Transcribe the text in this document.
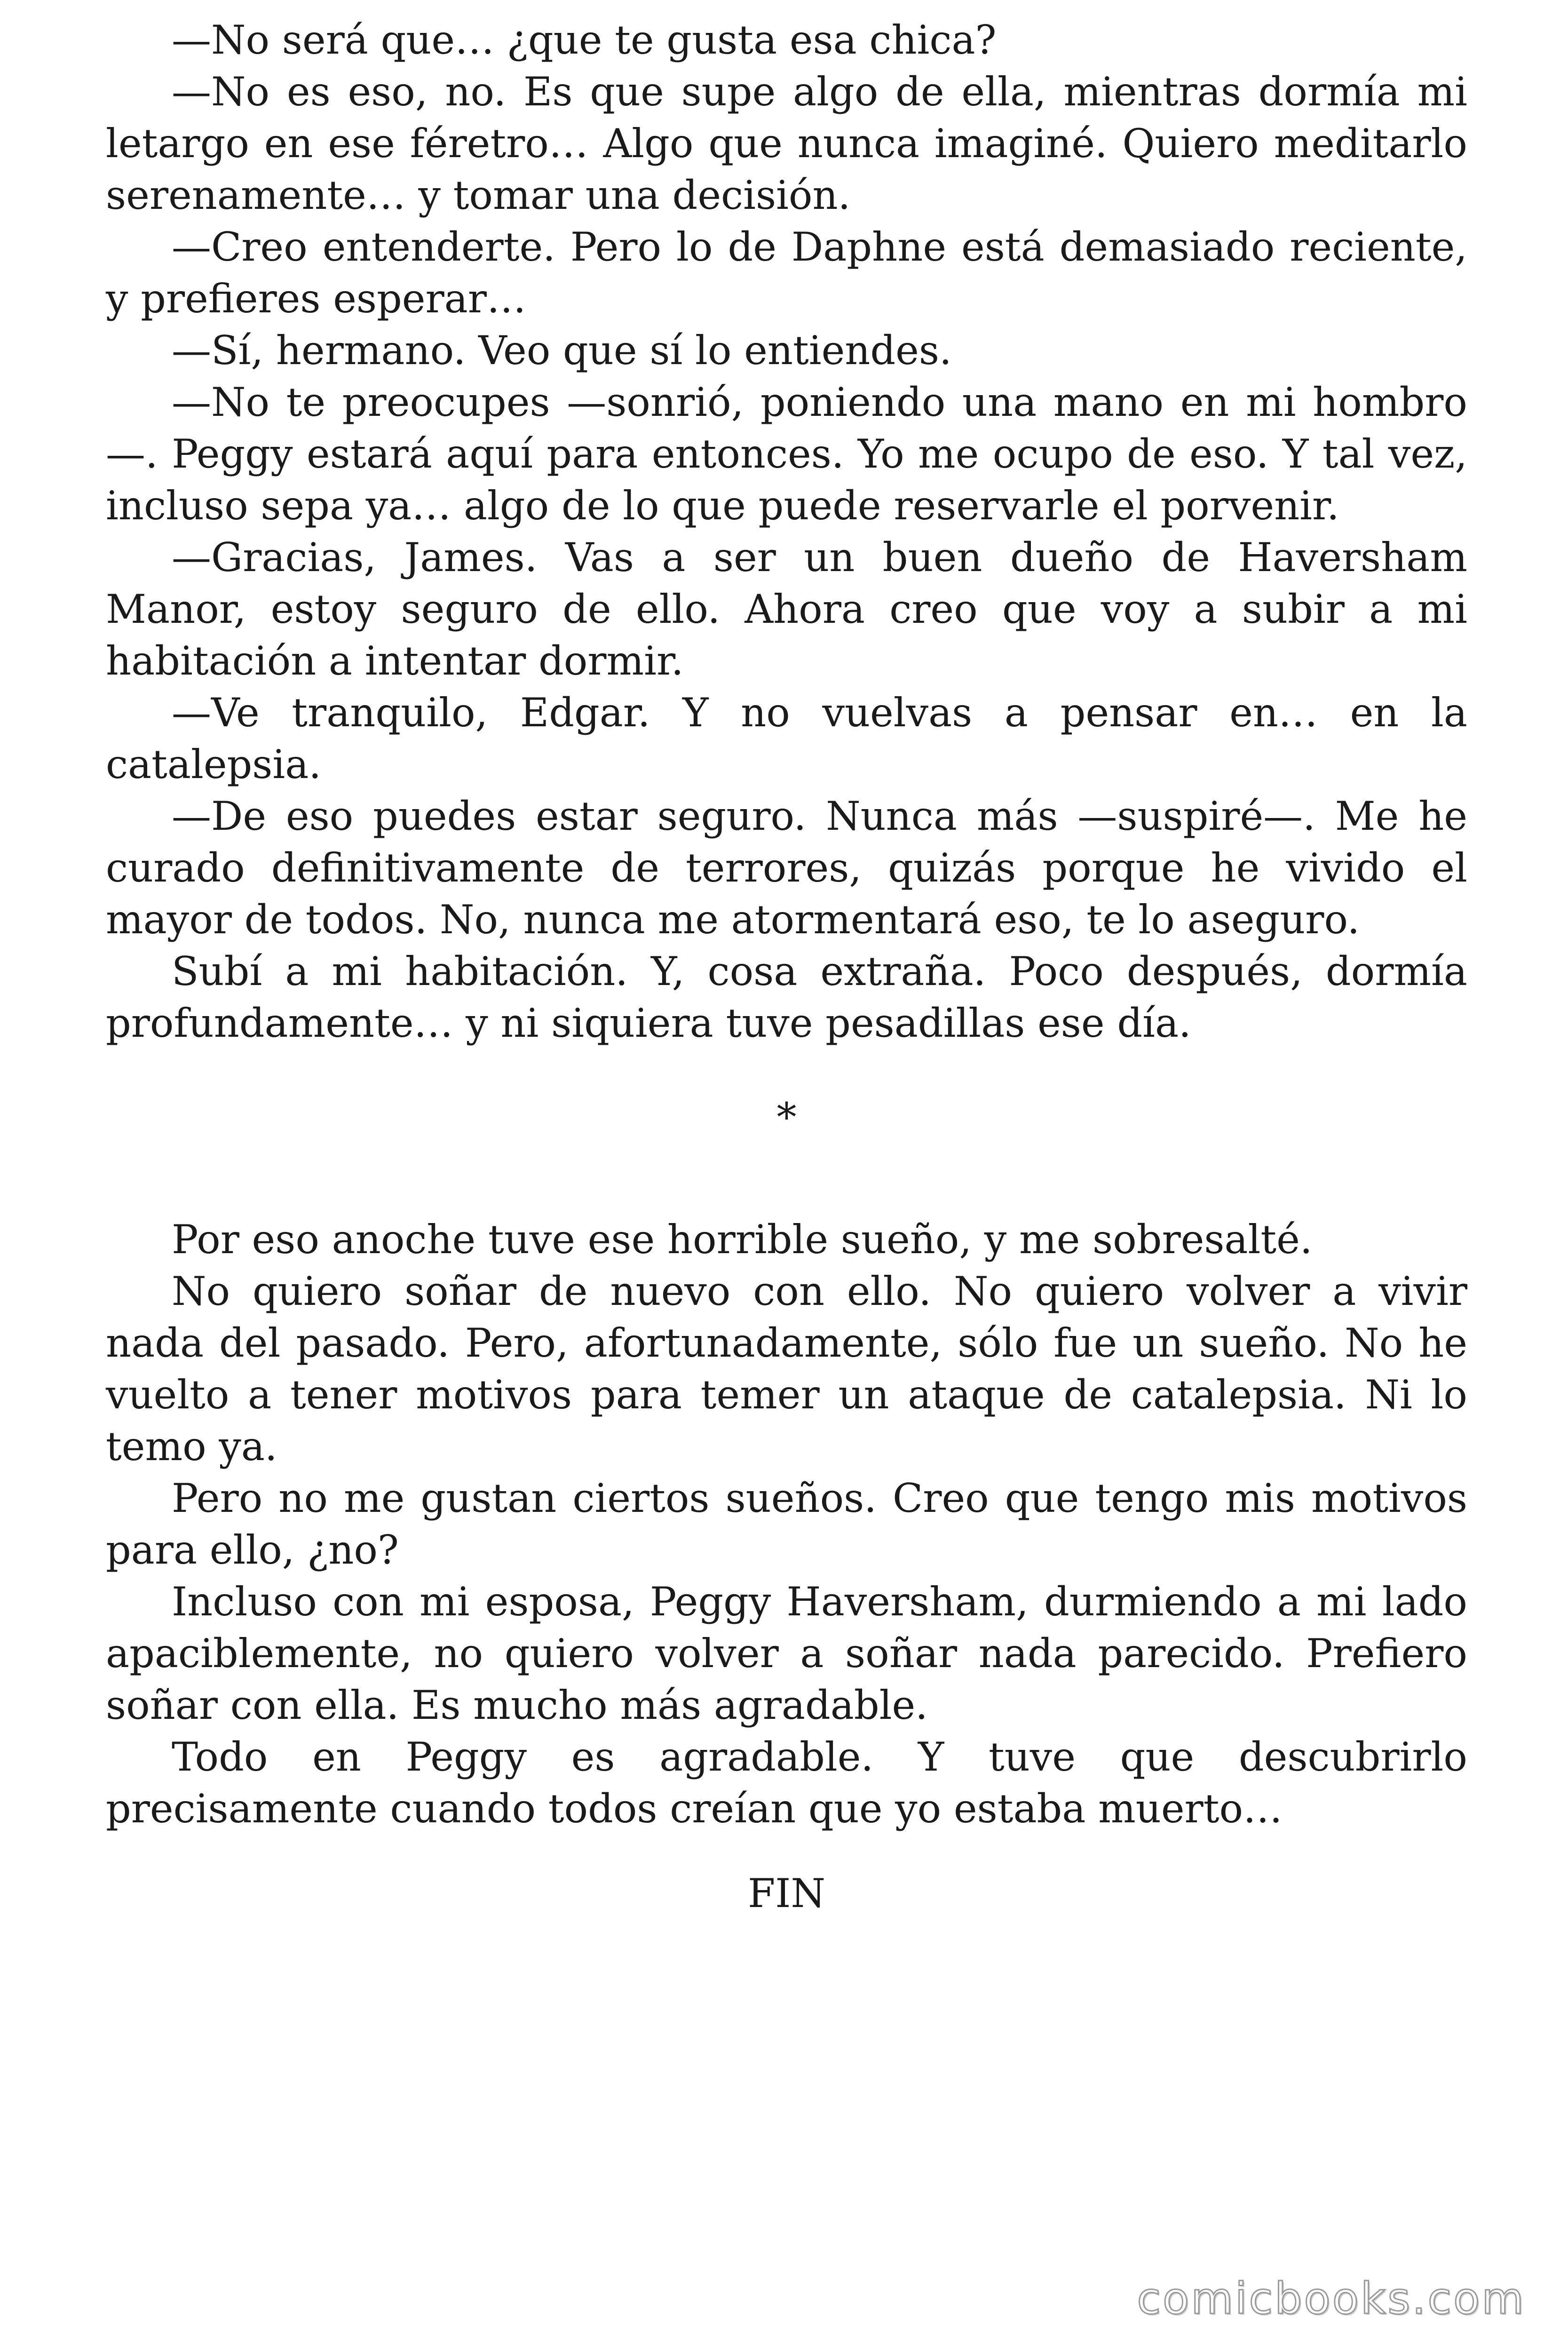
—No será que… ¿que te gusta esa chica?

—No es eso, no. Es que supe algo de ella, mientras dormía mi letargo en ese féretro… Algo que nunca imaginé. Quiero meditarlo serenamente… y tomar una decisión.

—Creo entenderte. Pero lo de Daphne está demasiado reciente, y prefieres esperar…

—Sí, hermano. Veo que sí lo entiendes.

—No te preocupes —sonrió, poniendo una mano en mi hombro—. Peggy estará aquí para entonces. Yo me ocupo de eso. Y tal vez, incluso sepa ya… algo de lo que puede reservarle el porvenir.

—Gracias, James. Vas a ser un buen dueño de Haversham Manor, estoy seguro de ello. Ahora creo que voy a subir a mi habitación a intentar dormir.

—Ve tranquilo, Edgar. Y no vuelvas a pensar en… en la catalepsia.

—De eso puedes estar seguro. Nunca más —suspiré—. Me he curado definitivamente de terrores, quizás porque he vivido el mayor de todos. No, nunca me atormentará eso, te lo aseguro.

Subí a mi habitación. Y, cosa extraña. Poco después, dormía profundamente… y ni siquiera tuve pesadillas ese día.

*

Por eso anoche tuve ese horrible sueño, y me sobresalté.

No quiero soñar de nuevo con ello. No quiero volver a vivir nada del pasado. Pero, afortunadamente, sólo fue un sueño. No he vuelto a tener motivos para temer un ataque de catalepsia. Ni lo temo ya.

Pero no me gustan ciertos sueños. Creo que tengo mis motivos para ello, ¿no?

Incluso con mi esposa, Peggy Haversham, durmiendo a mi lado apaciblemente, no quiero volver a soñar nada parecido. Prefiero soñar con ella. Es mucho más agradable.

Todo en Peggy es agradable. Y tuve que descubrirlo precisamente cuando todos creían que yo estaba muerto…

FIN

comicbooks.com
